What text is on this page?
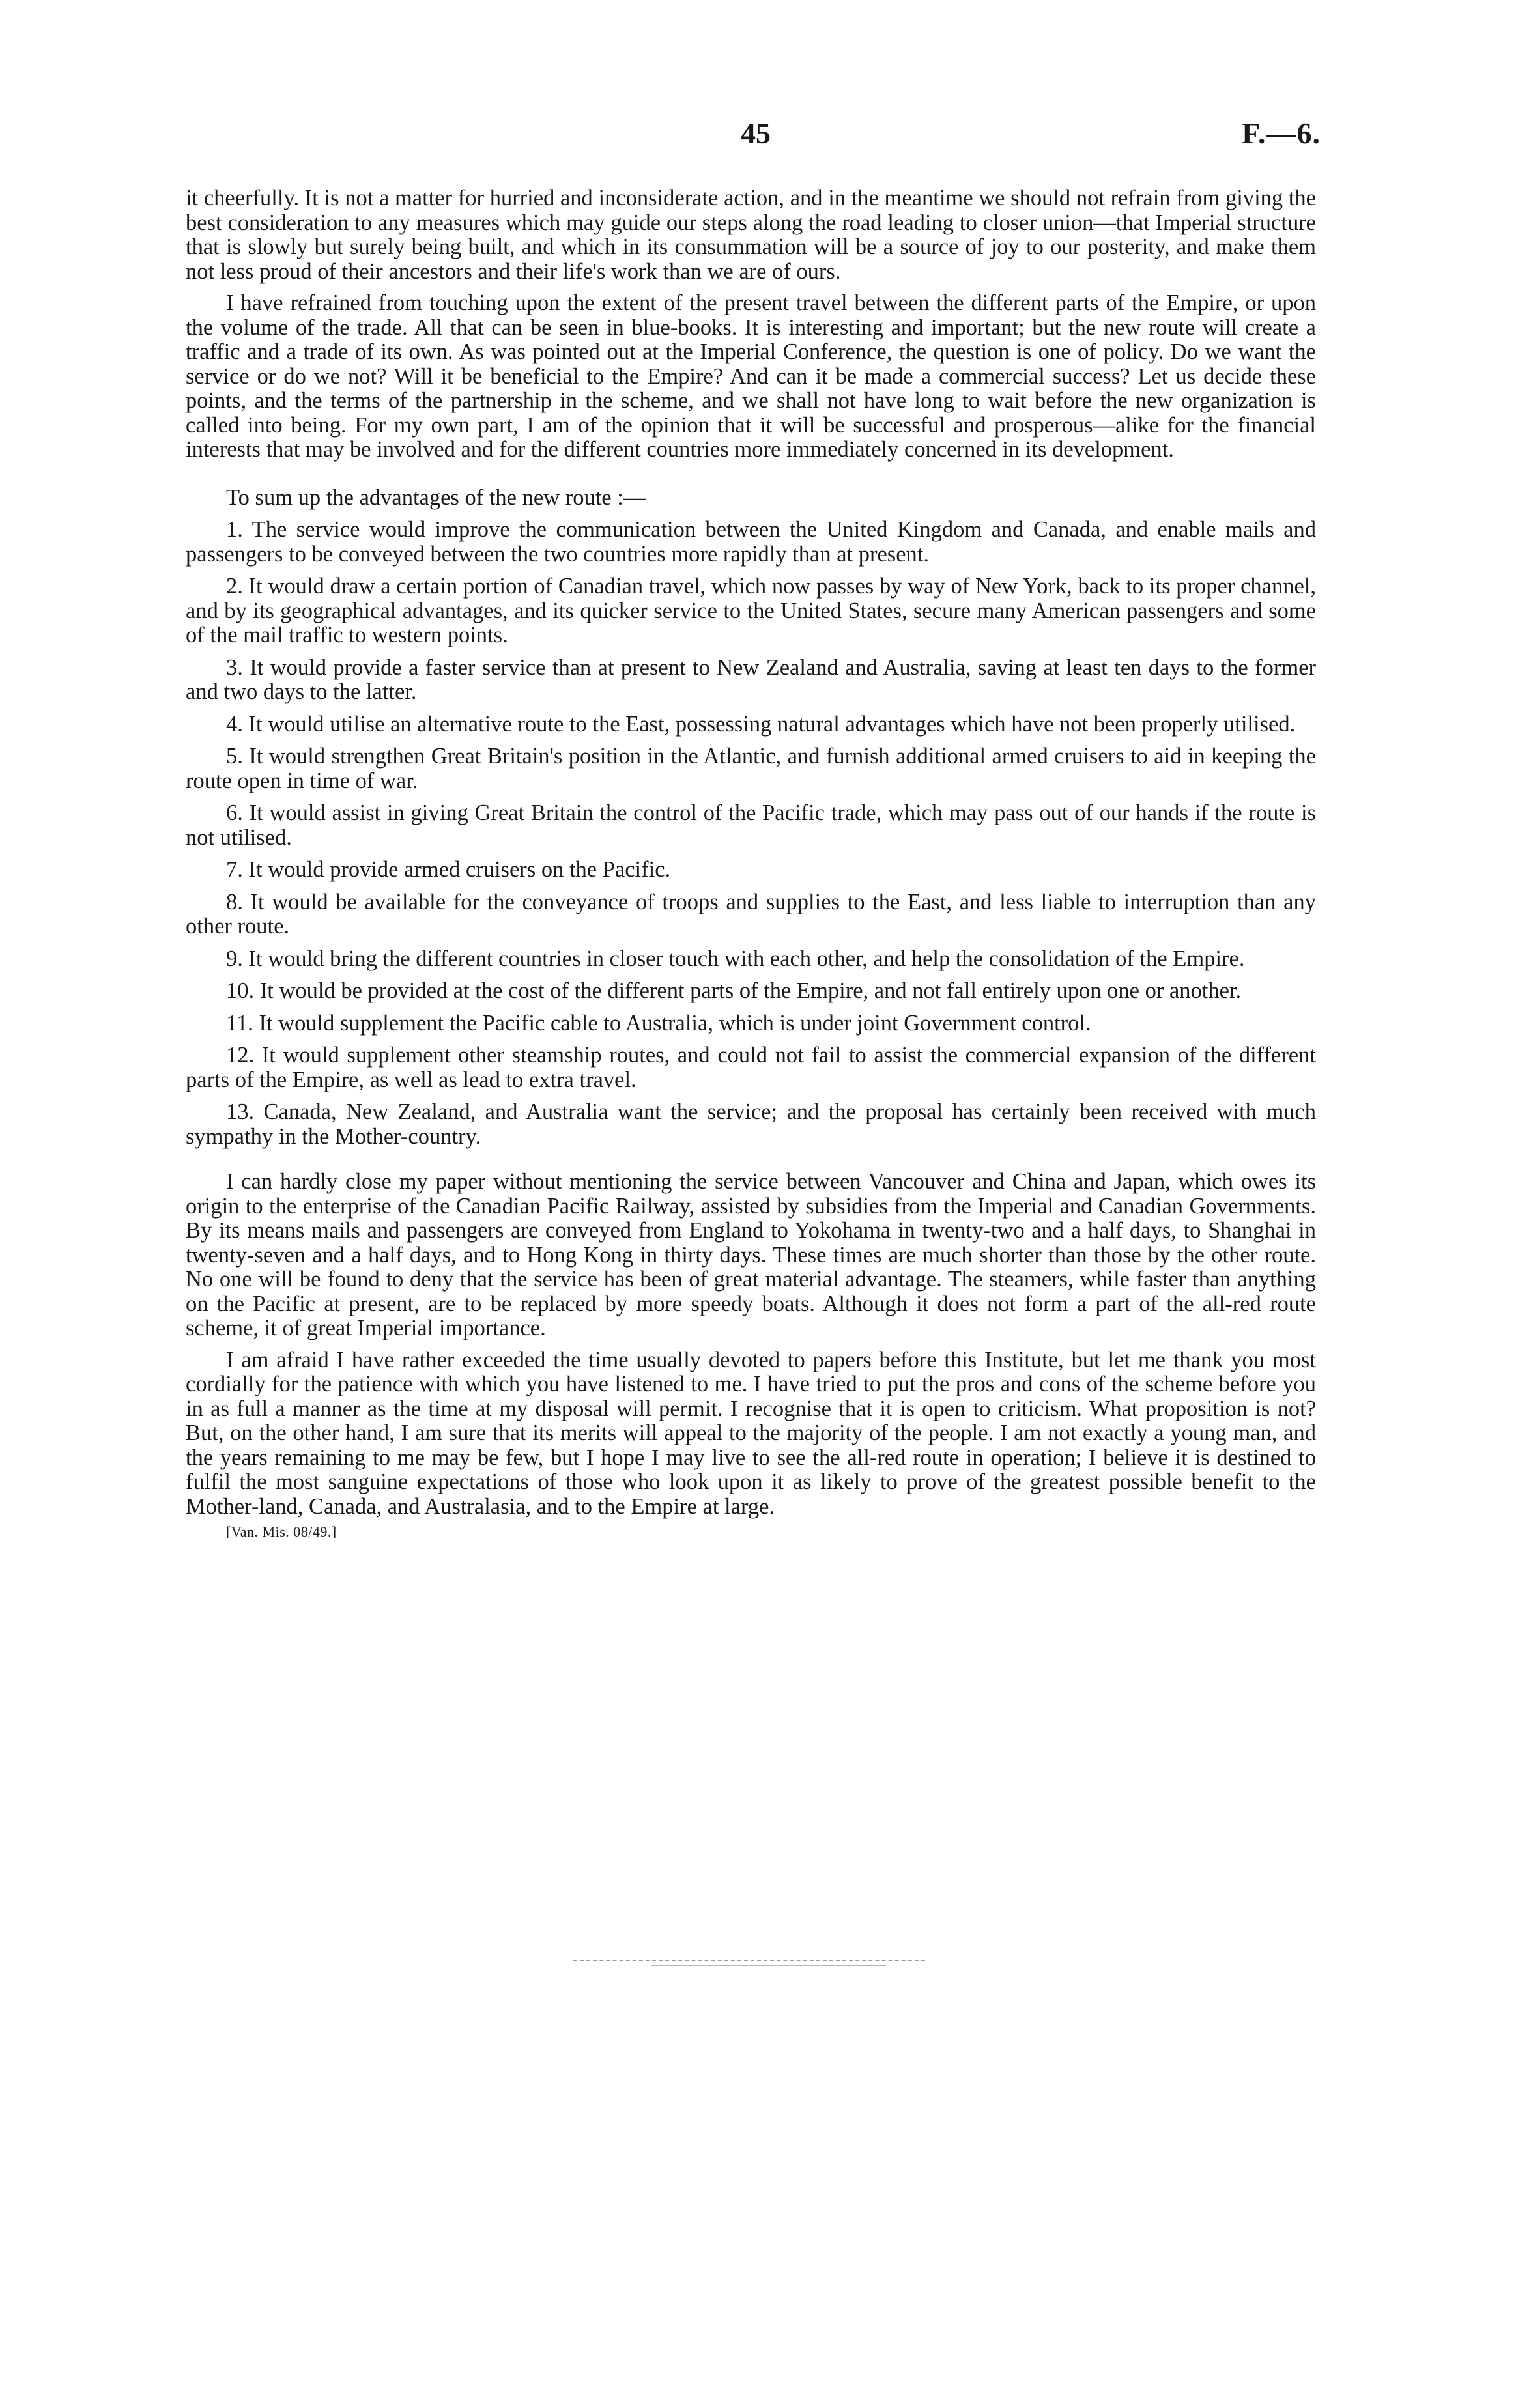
45	F.—6.

it cheerfully. It is not a matter for hurried and inconsiderate action, and in the meantime we should not refrain from giving the best consideration to any measures which may guide our steps along the road leading to closer union—that Imperial structure that is slowly but surely being built, and which in its consummation will be a source of joy to our posterity, and make them not less proud of their ancestors and their life's work than we are of ours.

I have refrained from touching upon the extent of the present travel between the different parts of the Empire, or upon the volume of the trade. All that can be seen in blue-books. It is interesting and important; but the new route will create a traffic and a trade of its own. As was pointed out at the Imperial Conference, the question is one of policy. Do we want the service or do we not? Will it be beneficial to the Empire? And can it be made a commercial success? Let us decide these points, and the terms of the partnership in the scheme, and we shall not have long to wait before the new organization is called into being. For my own part, I am of the opinion that it will be successful and prosperous—alike for the financial interests that may be involved and for the different countries more immediately concerned in its development.

To sum up the advantages of the new route :—

1. The service would improve the communication between the United Kingdom and Canada, and enable mails and passengers to be conveyed between the two countries more rapidly than at present.

2. It would draw a certain portion of Canadian travel, which now passes by way of New York, back to its proper channel, and by its geographical advantages, and its quicker service to the United States, secure many American passengers and some of the mail traffic to western points.

3. It would provide a faster service than at present to New Zealand and Australia, saving at least ten days to the former and two days to the latter.

4. It would utilise an alternative route to the East, possessing natural advantages which have not been properly utilised.

5. It would strengthen Great Britain's position in the Atlantic, and furnish additional armed cruisers to aid in keeping the route open in time of war.

6. It would assist in giving Great Britain the control of the Pacific trade, which may pass out of our hands if the route is not utilised.

7. It would provide armed cruisers on the Pacific.

8. It would be available for the conveyance of troops and supplies to the East, and less liable to interruption than any other route.

9. It would bring the different countries in closer touch with each other, and help the consolidation of the Empire.

10. It would be provided at the cost of the different parts of the Empire, and not fall entirely upon one or another.

11. It would supplement the Pacific cable to Australia, which is under joint Government control.

12. It would supplement other steamship routes, and could not fail to assist the commercial expansion of the different parts of the Empire, as well as lead to extra travel.

13. Canada, New Zealand, and Australia want the service; and the proposal has certainly been received with much sympathy in the Mother-country.

I can hardly close my paper without mentioning the service between Vancouver and China and Japan, which owes its origin to the enterprise of the Canadian Pacific Railway, assisted by subsidies from the Imperial and Canadian Governments. By its means mails and passengers are conveyed from England to Yokohama in twenty-two and a half days, to Shanghai in twenty-seven and a half days, and to Hong Kong in thirty days. These times are much shorter than those by the other route. No one will be found to deny that the service has been of great material advantage. The steamers, while faster than anything on the Pacific at present, are to be replaced by more speedy boats. Although it does not form a part of the all-red route scheme, it of great Imperial importance.

I am afraid I have rather exceeded the time usually devoted to papers before this Institute, but let me thank you most cordially for the patience with which you have listened to me. I have tried to put the pros and cons of the scheme before you in as full a manner as the time at my disposal will permit. I recognise that it is open to criticism. What proposition is not? But, on the other hand, I am sure that its merits will appeal to the majority of the people. I am not exactly a young man, and the years remaining to me may be few, but I hope I may live to see the all-red route in operation; I believe it is destined to fulfil the most sanguine expectations of those who look upon it as likely to prove of the greatest possible benefit to the Mother-land, Canada, and Australasia, and to the Empire at large.

[Van. Mis. 08/49.]
